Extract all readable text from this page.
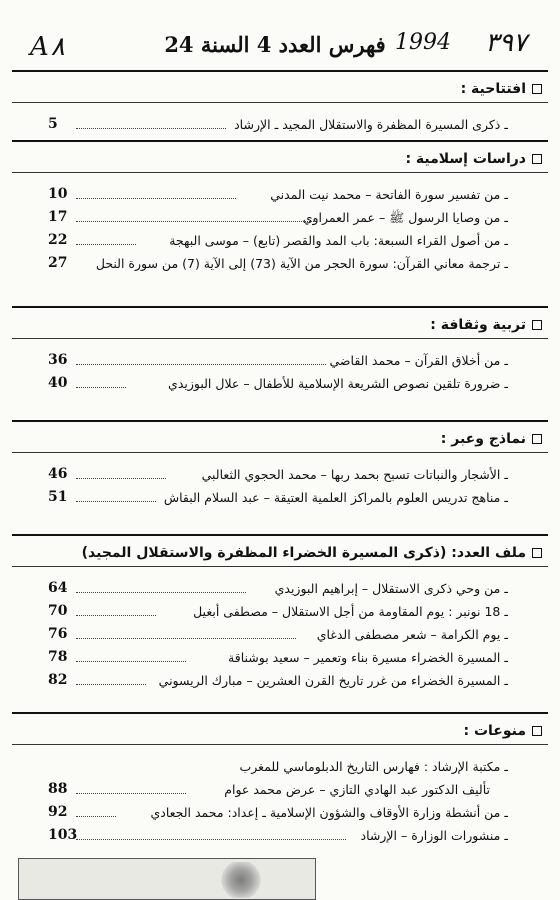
A٨	فهرس العدد 4 السنة 24 1994 ٣٩٧
افتتاحية :
ـ ذكرى المسيرة المظفرة والاستقلال المجيد ـ الإرشاد
5
دراسات إسلامية :
ـ من تفسير سورة الفاتحة – محمد نيت المدني
10
ـ من وصايا الرسول ﷺ – عمر العمراوي
17
ـ من أصول القراء السبعة: باب المد والقصر (تابع) – موسى البهجة
22
ـ ترجمة معاني القرآن: سورة الحجر من الآية (73) إلى الآية (7) من سورة النحل
27
تربية وثقافة :
ـ من أخلاق القرآن – محمد القاضي
36
ـ ضرورة تلقين نصوص الشريعة الإسلامية للأطفال – علال البوزيدي
40
نماذج وعبر :
ـ الأشجار والنباتات تسبح بحمد ربها – محمد الحجوي الثعالبي
46
ـ مناهج تدريس العلوم بالمراكز العلمية العتيقة – عبد السلام البقاش
51
ملف العدد: (ذكرى المسيرة الخضراء المظفرة والاستقلال المجيد)
ـ من وحي ذكرى الاستقلال – إبراهيم البوزيدي
64
ـ 18 نونبر : يوم المقاومة من أجل الاستقلال – مصطفى أبغيل
70
ـ يوم الكرامة – شعر مصطفى الدغاي
76
ـ المسيرة الخضراء مسيرة بناء وتعمير – سعيد بوشناقة
78
ـ المسيرة الخضراء من غرر تاريخ القرن العشرين – مبارك الريسوني
82
منوعات :
ـ مكتبة الإرشاد : فهارس التاريخ الدبلوماسي للمغرب
تأليف الدكتور عبد الهادي التازي – عرض محمد عوام
88
ـ من أنشطة وزارة الأوقاف والشؤون الإسلامية ـ إعداد: محمد الجعادي
92
ـ منشورات الوزارة – الإرشاد
103
